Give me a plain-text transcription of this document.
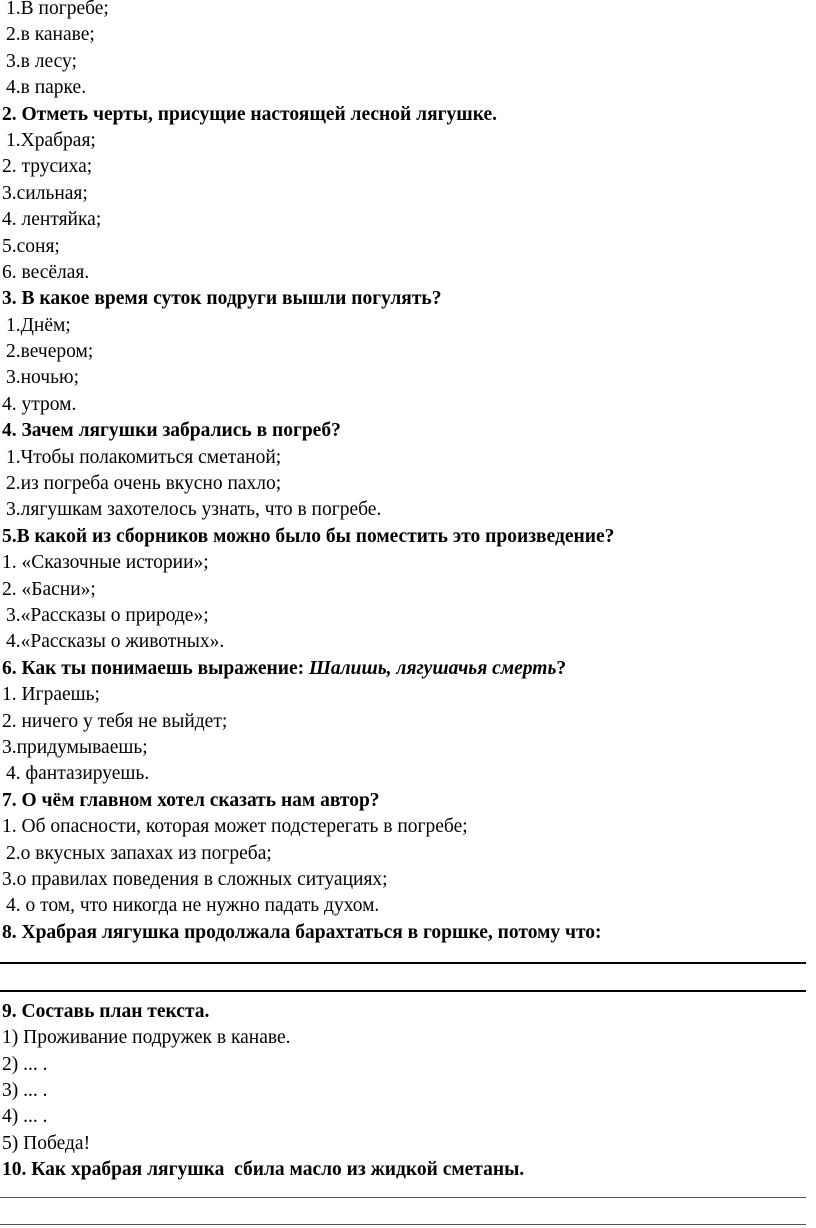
1.В погребе;
2.в канаве;
3.в лесу;
4.в парке.
2. Отметь черты, присущие настоящей лесной лягушке.
1.Храбрая;
2. трусиха;
3.сильная;
4. лентяйка;
5.соня;
6. весёлая.
3. В какое время суток подруги вышли погулять?
1.Днём;
2.вечером;
3.ночью;
4. утром.
4. Зачем лягушки забрались в погреб?
1.Чтобы полакомиться сметаной;
2.из погреба очень вкусно пахло;
3.лягушкам захотелось узнать, что в погребе.
5.В какой из сборников можно было бы поместить это произведение?
1. «Сказочные истории»;
2. «Басни»;
3.«Рассказы о природе»;
4.«Рассказы о животных».
6. Как ты понимаешь выражение: Шалишь, лягушачья смерть?
1. Играешь;
2. ничего у тебя не выйдет;
3.придумываешь;
4. фантазируешь.
7. О чём главном хотел сказать нам автор?
1. Об опасности, которая может подстерегать в погребе;
2.о вкусных запахах из погреба;
3.о правилах поведения в сложных ситуациях;
4. о том, что никогда не нужно падать духом.
8. Храбрая лягушка продолжала барахтаться в горшке, потому что:
9. Составь план текста.
1) Проживание подружек в канаве.
2) ... .
3) ... .
4) ... .
5) Победа!
10. Как храбрая лягушка  сбила масло из жидкой сметаны.
